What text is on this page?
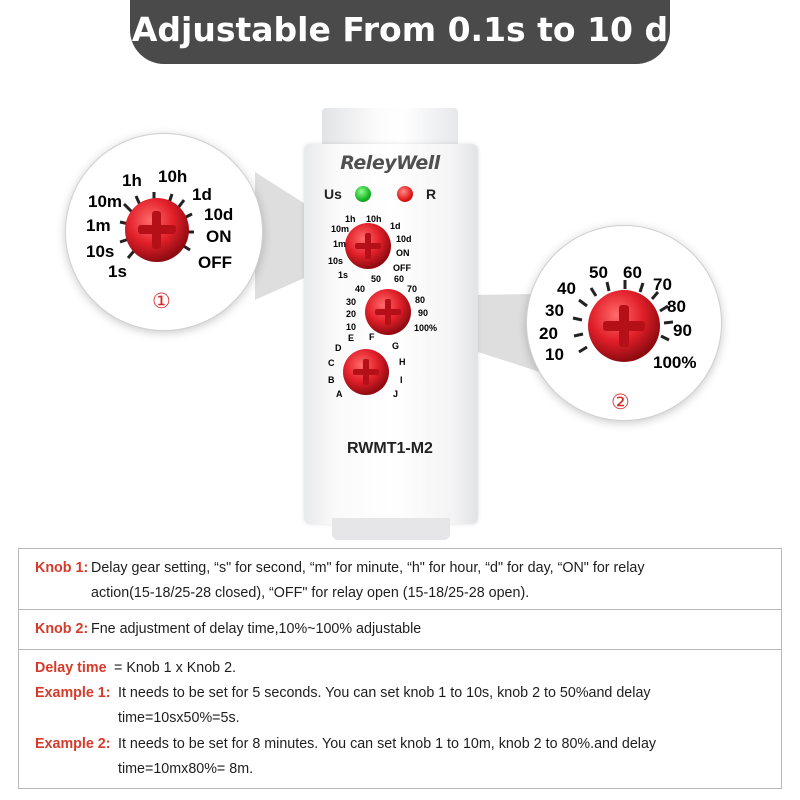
Adjustable From 0.1s to 10 d
ReleyWell
Us	R
10m
1h 10h
1m
1d
10d
10s
ON
1s
OFF
50 60
40	70
30	80
20	90
10	100%
E F
D	G
C	H
B	I
A	J
RWMT1-M2
1h 10h
10m	1d
1m
10d
10s
ON
1s	OFF
①
50 60
40	70
30	80
20	90
10	100%
②
Knob 1: Delay gear setting, “s" for second, “m" for minute, “h" for hour, “d" for day, “ON" for relay
action(15-18/25-28 closed), “OFF" for relay open (15-18/25-28 open).
Knob 2: Fne adjustment of delay time,10%~100% adjustable
Delay time = Knob 1 x Knob 2.
Example 1: It needs to be set for 5 seconds. You can set knob 1 to 10s, knob 2 to 50%and delay
time=10sx50%=5s.
Example 2: It needs to be set for 8 minutes. You can set knob 1 to 10m, knob 2 to 80%.and delay
time=10mx80%= 8m.
